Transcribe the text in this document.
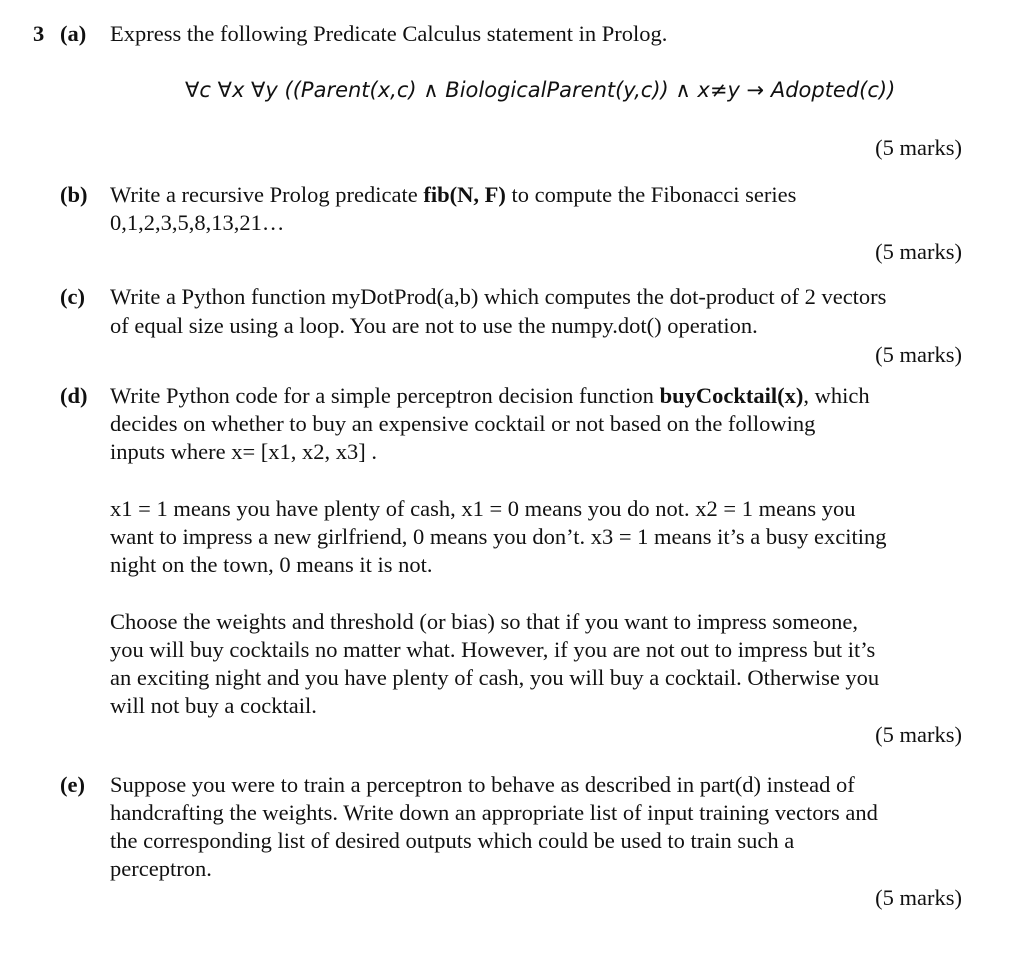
3 (a) Express the following Predicate Calculus statement in Prolog.
∀c ∀x ∀y ((Parent(x,c) ∧ BiologicalParent(y,c)) ∧ x≠y → Adopted(c))
(5 marks)
(b) Write a recursive Prolog predicate fib(N, F) to compute the Fibonacci series
0,1,2,3,5,8,13,21…
(5 marks)
(c) Write a Python function myDotProd(a,b) which computes the dot-product of 2 vectors
of equal size using a loop. You are not to use the numpy.dot() operation.
(5 marks)
(d) Write Python code for a simple perceptron decision function buyCocktail(x), which
decides on whether to buy an expensive cocktail or not based on the following
inputs where x= [x1, x2, x3] .
x1 = 1 means you have plenty of cash, x1 = 0 means you do not. x2 = 1 means you
want to impress a new girlfriend, 0 means you don’t. x3 = 1 means it’s a busy exciting
night on the town, 0 means it is not.
Choose the weights and threshold (or bias) so that if you want to impress someone,
you will buy cocktails no matter what. However, if you are not out to impress but it’s
an exciting night and you have plenty of cash, you will buy a cocktail. Otherwise you
will not buy a cocktail.
(5 marks)
(e) Suppose you were to train a perceptron to behave as described in part(d) instead of
handcrafting the weights. Write down an appropriate list of input training vectors and
the corresponding list of desired outputs which could be used to train such a
perceptron.
(5 marks)
